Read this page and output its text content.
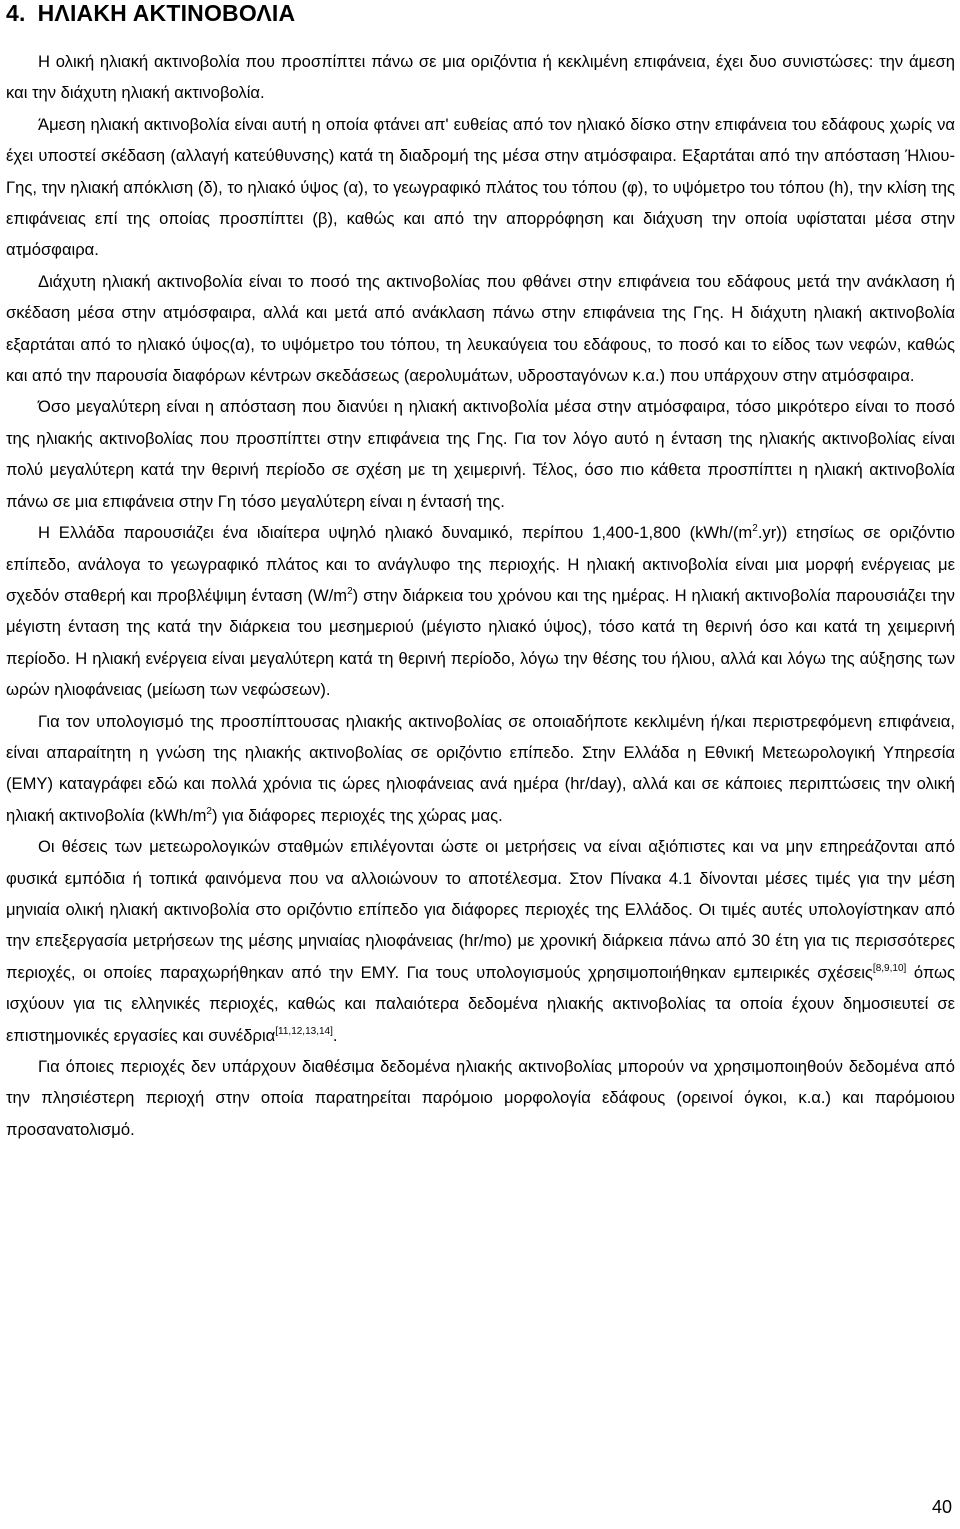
4. ΗΛΙΑΚΗ ΑΚΤΙΝΟΒΟΛΙΑ

Η ολική ηλιακή ακτινοβολία που προσπίπτει πάνω σε μια οριζόντια ή κεκλιμένη επιφάνεια, έχει δυο συνιστώσες: την άμεση και την διάχυτη ηλιακή ακτινοβολία.

Άμεση ηλιακή ακτινοβολία είναι αυτή η οποία φτάνει απ' ευθείας από τον ηλιακό δίσκο στην επιφάνεια του εδάφους χωρίς να έχει υποστεί σκέδαση (αλλαγή κατεύθυνσης) κατά τη διαδρομή της μέσα στην ατμόσφαιρα. Εξαρτάται από την απόσταση Ήλιου-Γης, την ηλιακή απόκλιση (δ), το ηλιακό ύψος (α), το γεωγραφικό πλάτος του τόπου (φ), το υψόμετρο του τόπου (h), την κλίση της επιφάνειας επί της οποίας προσπίπτει (β), καθώς και από την απορρόφηση και διάχυση την οποία υφίσταται μέσα στην ατμόσφαιρα.

Διάχυτη ηλιακή ακτινοβολία είναι το ποσό της ακτινοβολίας που φθάνει στην επιφάνεια του εδάφους μετά την ανάκλαση ή σκέδαση μέσα στην ατμόσφαιρα, αλλά και μετά από ανάκλαση πάνω στην επιφάνεια της Γης. Η διάχυτη ηλιακή ακτινοβολία εξαρτάται από το ηλιακό ύψος(α), το υψόμετρο του τόπου, τη λευκαύγεια του εδάφους, το ποσό και το είδος των νεφών, καθώς και από την παρουσία διαφόρων κέντρων σκεδάσεως (αερολυμάτων, υδροσταγόνων κ.α.) που υπάρχουν στην ατμόσφαιρα.

Όσο μεγαλύτερη είναι η απόσταση που διανύει η ηλιακή ακτινοβολία μέσα στην ατμόσφαιρα, τόσο μικρότερο είναι το ποσό της ηλιακής ακτινοβολίας που προσπίπτει στην επιφάνεια της Γης. Για τον λόγο αυτό η ένταση της ηλιακής ακτινοβολίας είναι πολύ μεγαλύτερη κατά την θερινή περίοδο σε σχέση με τη χειμερινή. Τέλος, όσο πιο κάθετα προσπίπτει η ηλιακή ακτινοβολία πάνω σε μια επιφάνεια στην Γη τόσο μεγαλύτερη είναι η έντασή της.

Η Ελλάδα παρουσιάζει ένα ιδιαίτερα υψηλό ηλιακό δυναμικό, περίπου 1,400-1,800 $(kWh/(m^2.yr))$ ετησίως σε οριζόντιο επίπεδο, ανάλογα το γεωγραφικό πλάτος και το ανάγλυφο της περιοχής. Η ηλιακή ακτινοβολία είναι μια μορφή ενέργειας με σχεδόν σταθερή και προβλέψιμη ένταση $(W/m^2)$ στην διάρκεια του χρόνου και της ημέρας. Η ηλιακή ακτινοβολία παρουσιάζει την μέγιστη ένταση της κατά την διάρκεια του μεσημεριού (μέγιστο ηλιακό ύψος), τόσο κατά τη θερινή όσο και κατά τη χειμερινή περίοδο. Η ηλιακή ενέργεια είναι μεγαλύτερη κατά τη θερινή περίοδο, λόγω την θέσης του ήλιου, αλλά και λόγω της αύξησης των ωρών ηλιοφάνειας (μείωση των νεφώσεων).

Για τον υπολογισμό της προσπίπτουσας ηλιακής ακτινοβολίας σε οποιαδήποτε κεκλιμένη ή/και περιστρεφόμενη επιφάνεια, είναι απαραίτητη η γνώση της ηλιακής ακτινοβολίας σε οριζόντιο επίπεδο. Στην Ελλάδα η Εθνική Μετεωρολογική Υπηρεσία (ΕΜΥ) καταγράφει εδώ και πολλά χρόνια τις ώρες ηλιοφάνειας ανά ημέρα (hr/day), αλλά και σε κάποιες περιπτώσεις την ολική ηλιακή ακτινοβολία $(kWh/m^2)$ για διάφορες περιοχές της χώρας μας.

Οι θέσεις των μετεωρολογικών σταθμών επιλέγονται ώστε οι μετρήσεις να είναι αξιόπιστες και να μην επηρεάζονται από φυσικά εμπόδια ή τοπικά φαινόμενα που να αλλοιώνουν το αποτέλεσμα. Στον Πίνακα 4.1 δίνονται μέσες τιμές για την μέση μηνιαία ολική ηλιακή ακτινοβολία στο οριζόντιο επίπεδο για διάφορες περιοχές της Ελλάδος. Οι τιμές αυτές υπολογίστηκαν από την επεξεργασία μετρήσεων της μέσης μηνιαίας ηλιοφάνειας (hr/mo) με χρονική διάρκεια πάνω από 30 έτη για τις περισσότερες περιοχές, οι οποίες παραχωρήθηκαν από την ΕΜΥ. Για τους υπολογισμούς χρησιμοποιήθηκαν εμπειρικές σχέσεις[8,9,10] όπως ισχύουν για τις ελληνικές περιοχές, καθώς και παλαιότερα δεδομένα ηλιακής ακτινοβολίας τα οποία έχουν δημοσιευτεί σε επιστημονικές εργασίες και συνέδρια[11,12,13,14].

Για όποιες περιοχές δεν υπάρχουν διαθέσιμα δεδομένα ηλιακής ακτινοβολίας μπορούν να χρησιμοποιηθούν δεδομένα από την πλησιέστερη περιοχή στην οποία παρατηρείται παρόμοιο μορφολογία εδάφους (ορεινοί όγκοι, κ.α.) και παρόμοιου προσανατολισμό.

40
